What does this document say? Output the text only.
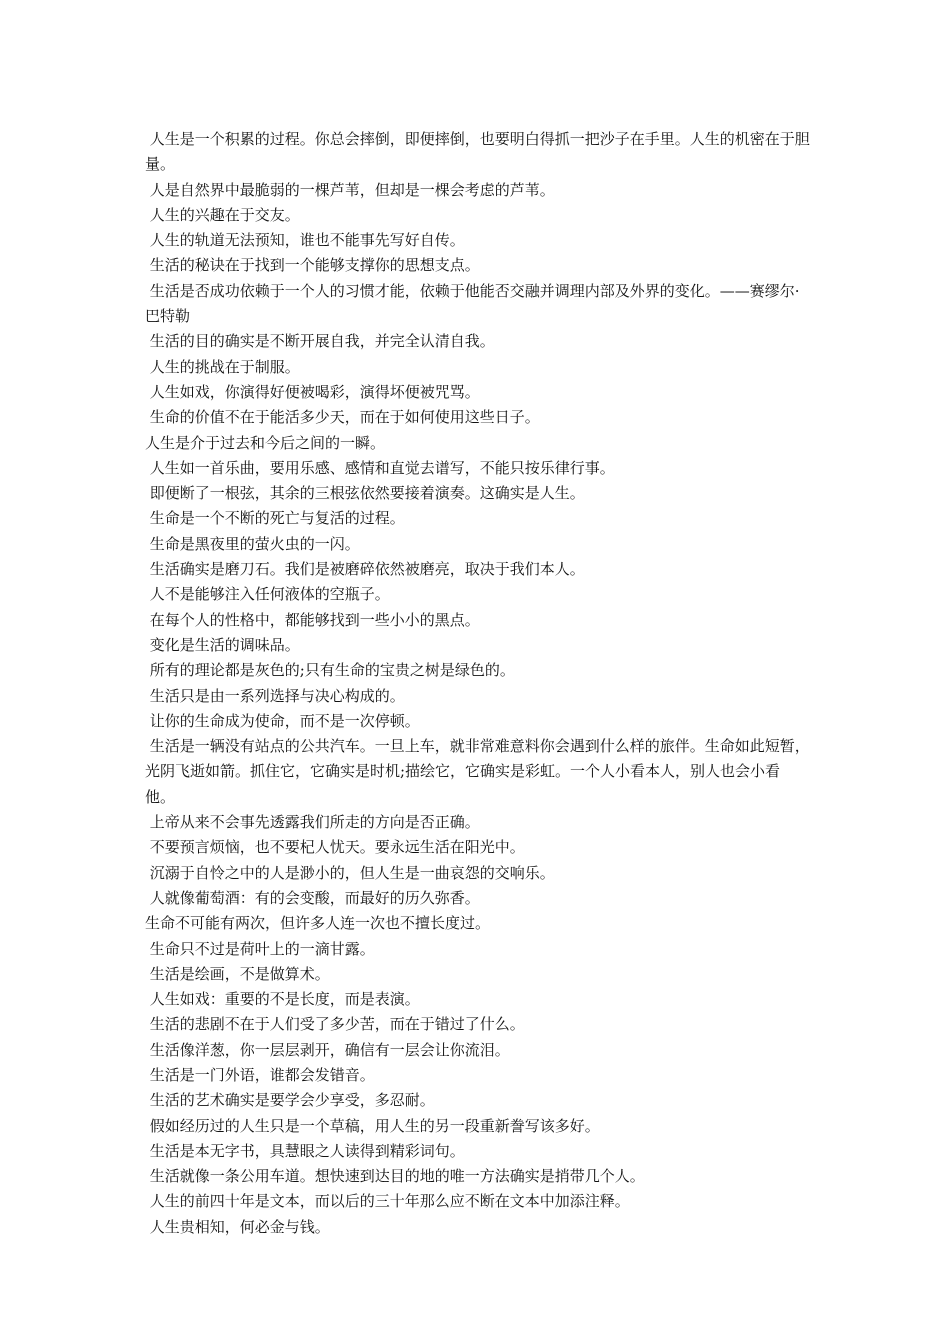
人生是一个积累的过程。你总会摔倒，即便摔倒，也要明白得抓一把沙子在手里。人生的机密在于胆量。

人是自然界中最脆弱的一棵芦苇，但却是一棵会考虑的芦苇。

人生的兴趣在于交友。

人生的轨道无法预知，谁也不能事先写好自传。

生活的秘诀在于找到一个能够支撑你的思想支点。

生活是否成功依赖于一个人的习惯才能，依赖于他能否交融并调理内部及外界的变化。——赛缪尔·巴特勒

生活的目的确实是不断开展自我，并完全认清自我。

人生的挑战在于制服。

人生如戏，你演得好便被喝彩，演得坏便被咒骂。

生命的价值不在于能活多少天，而在于如何使用这些日子。

人生是介于过去和今后之间的一瞬。

人生如一首乐曲，要用乐感、感情和直觉去谱写，不能只按乐律行事。

即便断了一根弦，其余的三根弦依然要接着演奏。这确实是人生。

生命是一个不断的死亡与复活的过程。

生命是黑夜里的萤火虫的一闪。

生活确实是磨刀石。我们是被磨碎依然被磨亮，取决于我们本人。

人不是能够注入任何液体的空瓶子。

在每个人的性格中，都能够找到一些小小的黑点。

变化是生活的调味品。

所有的理论都是灰色的;只有生命的宝贵之树是绿色的。

生活只是由一系列选择与决心构成的。

让你的生命成为使命，而不是一次停顿。

生活是一辆没有站点的公共汽车。一旦上车，就非常难意料你会遇到什么样的旅伴。生命如此短暂，光阴飞逝如箭。抓住它，它确实是时机;描绘它，它确实是彩虹。一个人小看本人，别人也会小看他。

上帝从来不会事先透露我们所走的方向是否正确。

不要预言烦恼，也不要杞人忧天。要永远生活在阳光中。

沉溺于自怜之中的人是渺小的，但人生是一曲哀怨的交响乐。

人就像葡萄酒：有的会变酸，而最好的历久弥香。

生命不可能有两次，但许多人连一次也不擅长度过。

生命只不过是荷叶上的一滴甘露。

生活是绘画，不是做算术。

人生如戏：重要的不是长度，而是表演。

生活的悲剧不在于人们受了多少苦，而在于错过了什么。

生活像洋葱，你一层层剥开，确信有一层会让你流泪。

生活是一门外语，谁都会发错音。

生活的艺术确实是要学会少享受，多忍耐。

假如经历过的人生只是一个草稿，用人生的另一段重新誊写该多好。

生活是本无字书，具慧眼之人读得到精彩词句。

生活就像一条公用车道。想快速到达目的地的唯一方法确实是捎带几个人。

人生的前四十年是文本，而以后的三十年那么应不断在文本中加添注释。

人生贵相知，何必金与钱。
